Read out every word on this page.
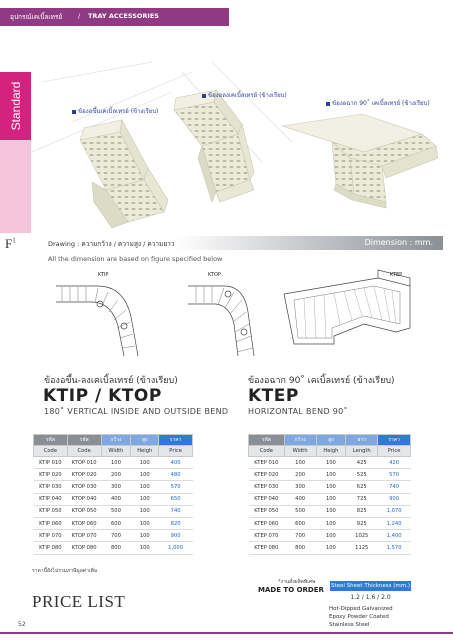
อุปกรณ์เคเบิ้ลเทรย์ / TRAY ACCESSORIES
Standard
$F^1$
ข้องอขึ้นเคเบิ้ลเทรย์ (ข้างเรียบ)
ข้องอลงเคเบิ้ลเทรย์ (ข้างเรียบ)
ข้องอฉาก 90˚ เคเบิ้ลเทรย์ (ข้างเรียบ)
Drawing : ความกว้าง / ความสูง / ความยาว	Dimension : mm.
All the dimension are based on figure specified below
KTIP	KTOP	KTEP
ข้องอขึ้น-ลงเคเบิ้ลเทรย์ (ข้างเรียบ)
KTIP / KTOP
180˚ VERTICAL INSIDE AND OUTSIDE BEND
ข้องอฉาก 90˚ เคเบิ้ลเทรย์ (ข้างเรียบ)
KTEP
HORIZONTAL BEND 90˚
รหัส	รหัส	กว้าง	สูง	ราคา
Code	Code	Width	Heigh	Price
KTIP 010	KTOP 010	100	100	400
KTIP 020	KTOP 020	200	100	480
KTIP 030	KTOP 030	300	100	570
KTIP 040	KTOP 040	400	100	650
KTIP 050	KTOP 050	500	100	740
KTIP 060	KTOP 060	600	100	820
KTIP 070	KTOP 070	700	100	900
KTIP 080	KTOP 080	800	100	1,000
รหัส	กว้าง	สูง	ยาว	ราคา
Code	Width	Heigh	Length	Price
KTEP 010	100	100	425	420
KTEP 020	200	100	525	570
KTEP 030	300	100	625	740
KTEP 040	400	100	725	900
KTEP 050	500	100	825	1,070
KTEP 060	600	100	925	1,240
KTEP 070	700	100	1025	1,400
KTEP 080	800	100	1125	1,570
ราคานี้ยังไม่รวมภาษีมูลค่าเพิ่ม
PRICE LIST
52
*งานสั่งผลิตพิเศษ
MADE TO ORDER Steel Sheet Thickness (mm.)
1.2 / 1.6 / 2.0
Hot-Dipped Galvanized
Epoxy Powder Coated
Stainless Steel
